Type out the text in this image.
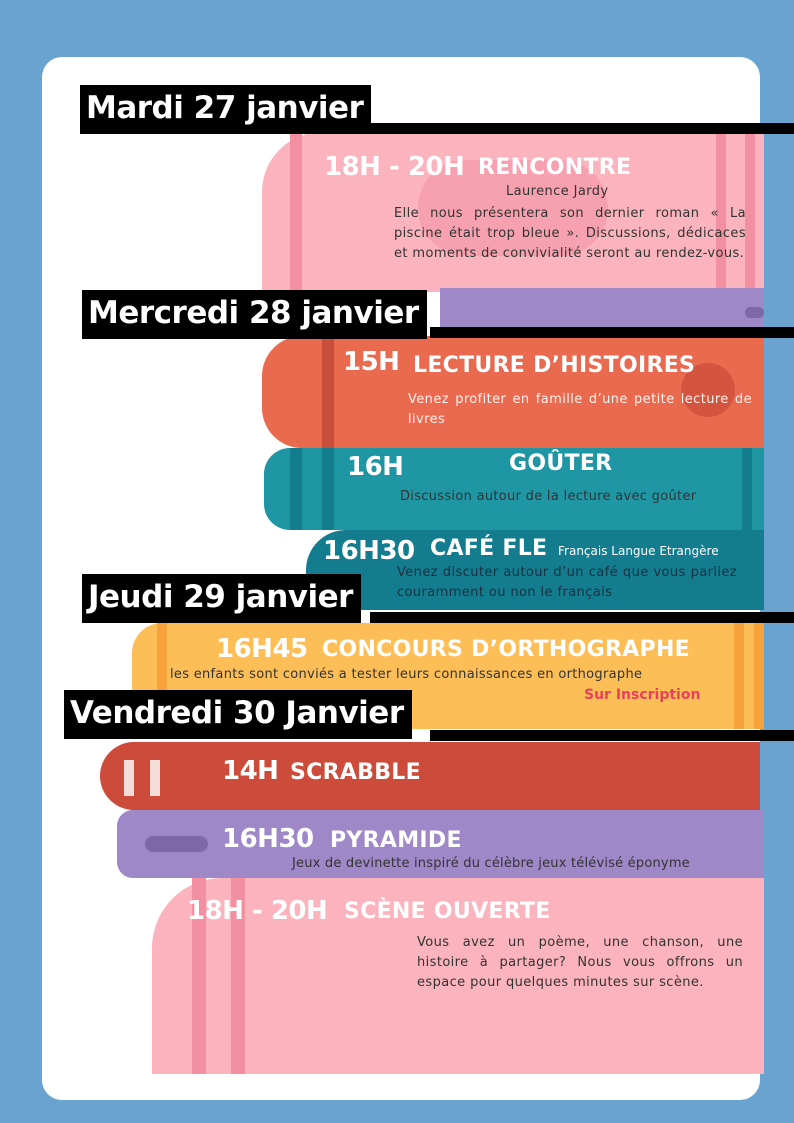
Mardi 27 janvier
Mercredi 28 janvier
Jeudi 29 janvier
Vendredi 30 Janvier
18H - 20H RENCONTRE
Laurence Jardy
Elle nous présentera son dernier roman « La piscine était trop bleue ». Discussions, dédicaces et moments de convivialité seront au rendez-vous.
15H LECTURE D’HISTOIRES
Venez profiter en famille d’une petite lecture de livres
16H	GOÛTER
Discussion autour de la lecture avec goûter
16H30 CAFÉ FLE Français Langue Etrangère
Venez discuter autour d’un café que vous parliez couramment ou non le français
16H45 CONCOURS D’ORTHOGRAPHE
les enfants sont conviés a tester leurs connaissances en orthographe
Sur Inscription
14H SCRABBLE
16H30 PYRAMIDE
Jeux de devinette inspiré du célèbre jeux télévisé éponyme
18H - 20H SCÈNE OUVERTE
Vous avez un poème, une chanson, une histoire à partager? Nous vous offrons un espace pour quelques minutes sur scène.
